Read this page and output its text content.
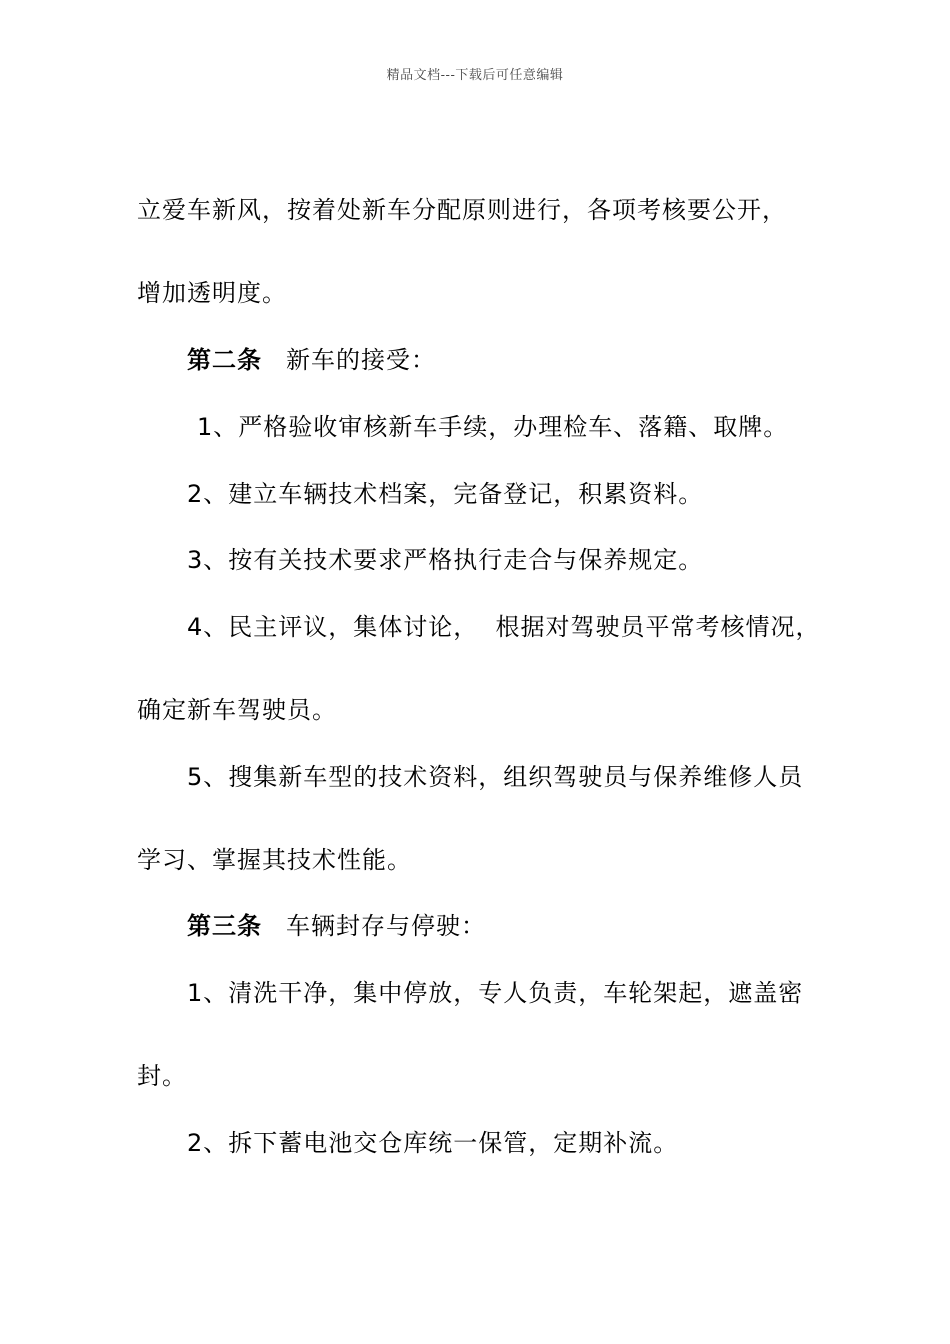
精品文档---下载后可任意编辑
立爱车新风，按着处新车分配原则进行，各项考核要公开，
增加透明度。
第二条 新车的接受：
1、严格验收审核新车手续，办理检车、落籍、取牌。
2、建立车辆技术档案，完备登记，积累资料。
3、按有关技术要求严格执行走合与保养规定。
4、民主评议，集体讨论，  根据对驾驶员平常考核情况，
确定新车驾驶员。
5、搜集新车型的技术资料，组织驾驶员与保养维修人员
学习、掌握其技术性能。
第三条 车辆封存与停驶：
1、清洗干净，集中停放，专人负责，车轮架起，遮盖密
封。
2、拆下蓄电池交仓库统一保管，定期补流。
